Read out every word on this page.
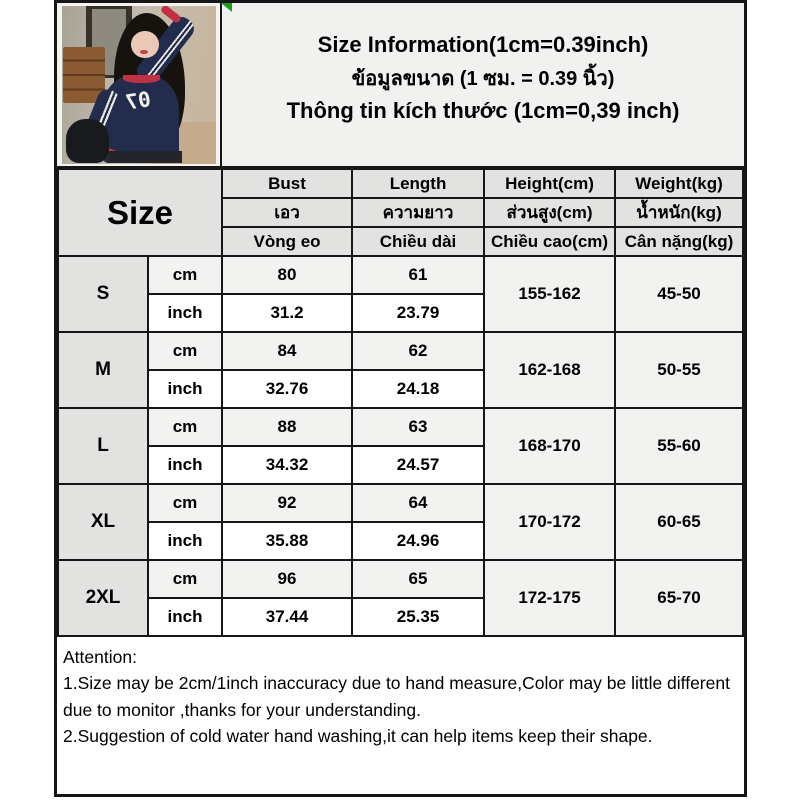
07
Size Information(1cm=0.39inch)
ข้อมูลขนาด (1 ซม. = 0.39 นิ้ว)
Thông tin kích thước (1cm=0,39 inch)
Size		Bust	Length	Height(cm)	Weight(kg)
		เอว	ความยาว	ส่วนสูง(cm)	น้ำหนัก(kg)
		Vòng eo	Chiều dài	Chiều cao(cm)	Cân nặng(kg)
S	cm	80	61	155-162	45-50
	inch	31.2	23.79		
M	cm	84	62	162-168	50-55
	inch	32.76	24.18		
L	cm	88	63	168-170	55-60
	inch	34.32	24.57		
XL	cm	92	64	170-172	60-65
	inch	35.88	24.96		
2XL	cm	96	65	172-175	65-70
	inch	37.44	25.35		
Attention:
1.Size may be 2cm/1inch inaccuracy due to hand measure,Color may be little different due to monitor ,thanks for your understanding.
2.Suggestion of cold water hand washing,it can help items keep their shape.
